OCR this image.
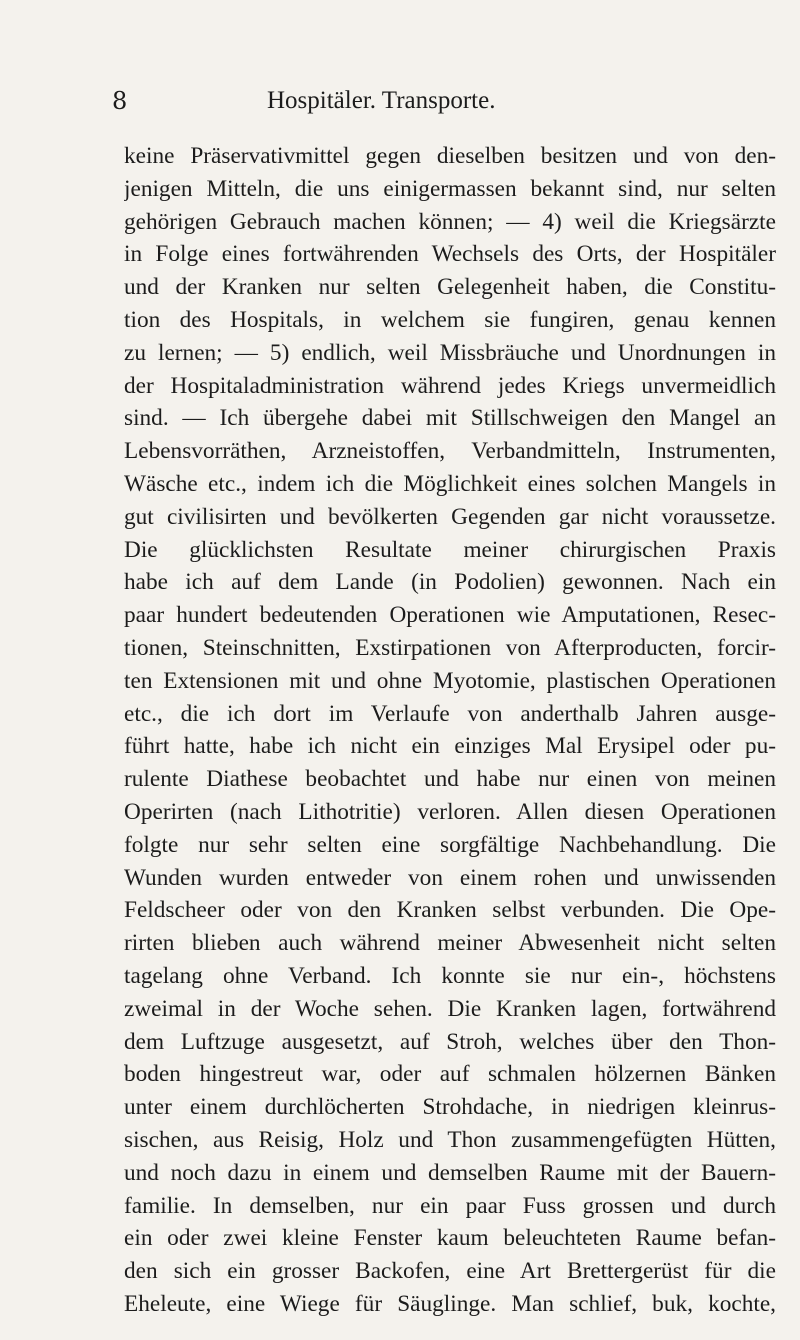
8	Hospitäler. Transporte.
keine Präservativmittel gegen dieselben besitzen und von den-
jenigen Mitteln, die uns einigermassen bekannt sind, nur selten
gehörigen Gebrauch machen können; — 4) weil die Kriegsärzte
in Folge eines fortwährenden Wechsels des Orts, der Hospitäler
und der Kranken nur selten Gelegenheit haben, die Constitu-
tion des Hospitals, in welchem sie fungiren, genau kennen
zu lernen; — 5) endlich, weil Missbräuche und Unordnungen in
der Hospitaladministration während jedes Kriegs unvermeidlich
sind. — Ich übergehe dabei mit Stillschweigen den Mangel an
Lebensvorräthen, Arzneistoffen, Verbandmitteln, Instrumenten,
Wäsche etc., indem ich die Möglichkeit eines solchen Mangels in
gut civilisirten und bevölkerten Gegenden gar nicht voraussetze.
Die glücklichsten Resultate meiner chirurgischen Praxis
habe ich auf dem Lande (in Podolien) gewonnen. Nach ein
paar hundert bedeutenden Operationen wie Amputationen, Resec-
tionen, Steinschnitten, Exstirpationen von Afterproducten, forcir-
ten Extensionen mit und ohne Myotomie, plastischen Operationen
etc., die ich dort im Verlaufe von anderthalb Jahren ausge-
führt hatte, habe ich nicht ein einziges Mal Erysipel oder pu-
rulente Diathese beobachtet und habe nur einen von meinen
Operirten (nach Lithotritie) verloren. Allen diesen Operationen
folgte nur sehr selten eine sorgfältige Nachbehandlung. Die
Wunden wurden entweder von einem rohen und unwissenden
Feldscheer oder von den Kranken selbst verbunden. Die Ope-
rirten blieben auch während meiner Abwesenheit nicht selten
tagelang ohne Verband. Ich konnte sie nur ein-, höchstens
zweimal in der Woche sehen. Die Kranken lagen, fortwährend
dem Luftzuge ausgesetzt, auf Stroh, welches über den Thon-
boden hingestreut war, oder auf schmalen hölzernen Bänken
unter einem durchlöcherten Strohdache, in niedrigen kleinrus-
sischen, aus Reisig, Holz und Thon zusammengefügten Hütten,
und noch dazu in einem und demselben Raume mit der Bauern-
familie. In demselben, nur ein paar Fuss grossen und durch
ein oder zwei kleine Fenster kaum beleuchteten Raume befan-
den sich ein grosser Backofen, eine Art Brettergerüst für die
Eheleute, eine Wiege für Säuglinge. Man schlief, buk, kochte,
